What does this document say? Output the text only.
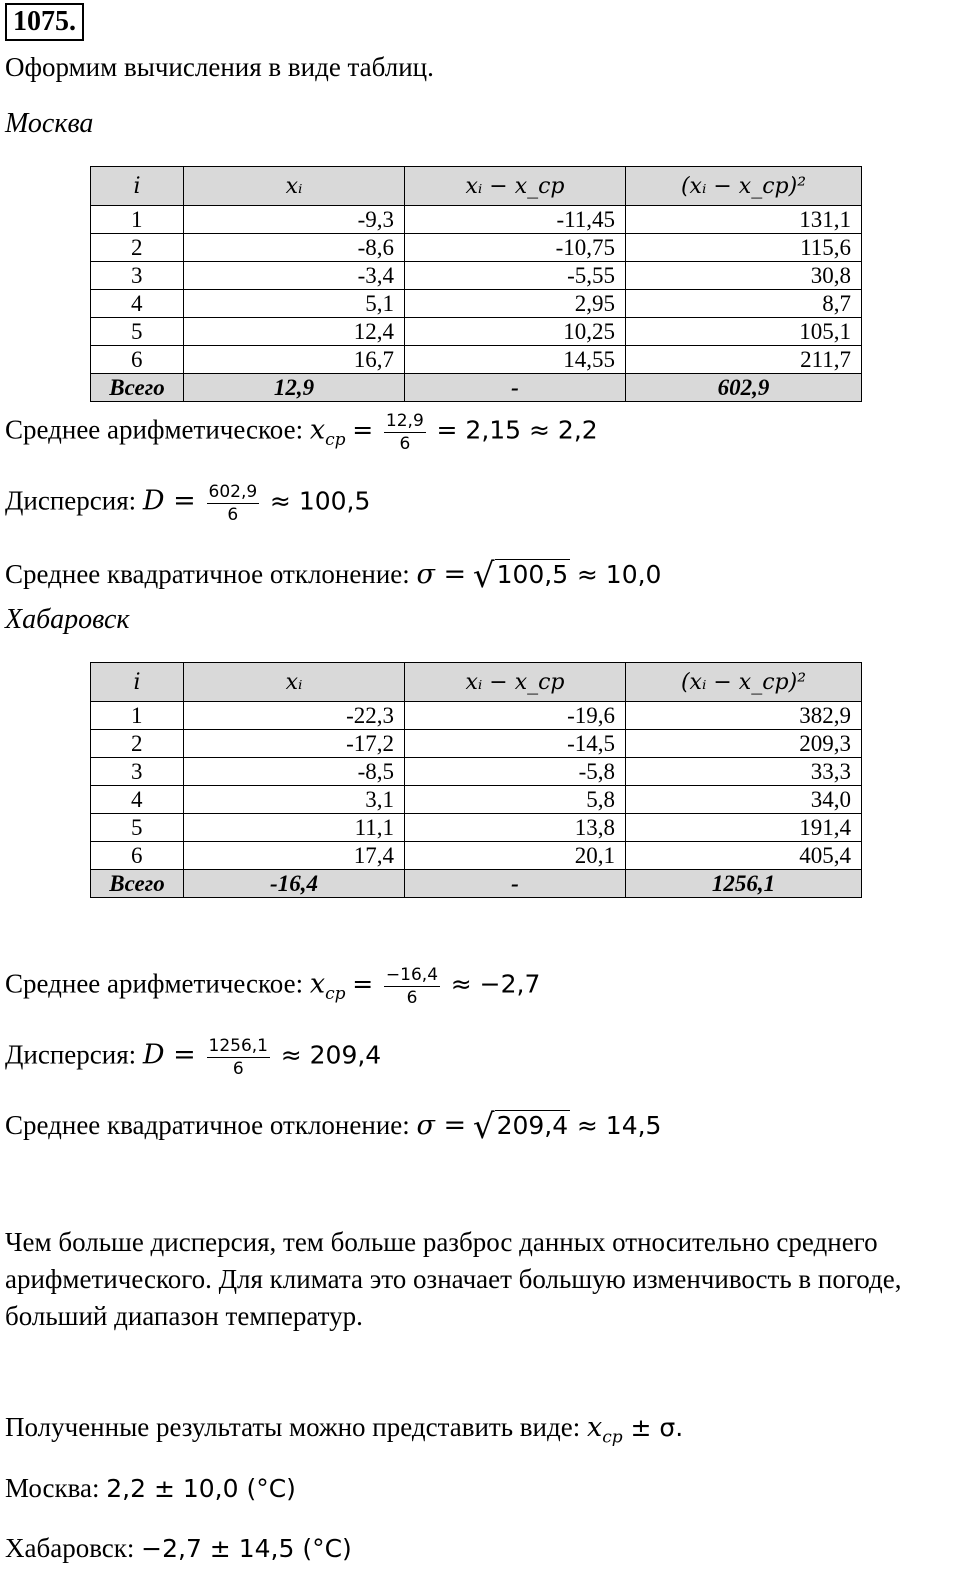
1075.
Оформим вычисления в виде таблиц.
Москва
i	xᵢ	xᵢ − x_cp	(xᵢ − x_cp)²
1	-9,3	-11,45	131,1
2	-8,6	-10,75	115,6
3	-3,4	-5,55	30,8
4	5,1	2,95	8,7
5	12,4	10,25	105,1
6	16,7	14,55	211,7
Всего	12,9	-	602,9
Среднее арифметическое: $x_{cp} = \frac{12,9}{6} = 2,15 \approx 2,2$
Дисперсия: $D = \frac{602,9}{6} \approx 100,5$
Среднее квадратичное отклонение: σ = √100,5 ≈ 10,0
Хабаровск
i	xᵢ	xᵢ − x_cp	(xᵢ − x_cp)²
1	-22,3	-19,6	382,9
2	-17,2	-14,5	209,3
3	-8,5	-5,8	33,3
4	3,1	5,8	34,0
5	11,1	13,8	191,4
6	17,4	20,1	405,4
Всего	-16,4	-	1256,1
Среднее арифметическое: $x_{cp} = \frac{-16,4}{6} \approx -2,7$
Дисперсия: $D = \frac{1256,1}{6} \approx 209,4$
Среднее квадратичное отклонение: σ = √209,4 ≈ 14,5
Чем больше дисперсия, тем больше разброс данных относительно среднего арифметического. Для климата это означает большую изменчивость в погоде, больший диапазон температур.
Полученные результаты можно представить виде: $x_{cp} \pm \sigma$.
Москва: 2,2 ± 10,0 (°C)
Хабаровск: −2,7 ± 14,5 (°C)
